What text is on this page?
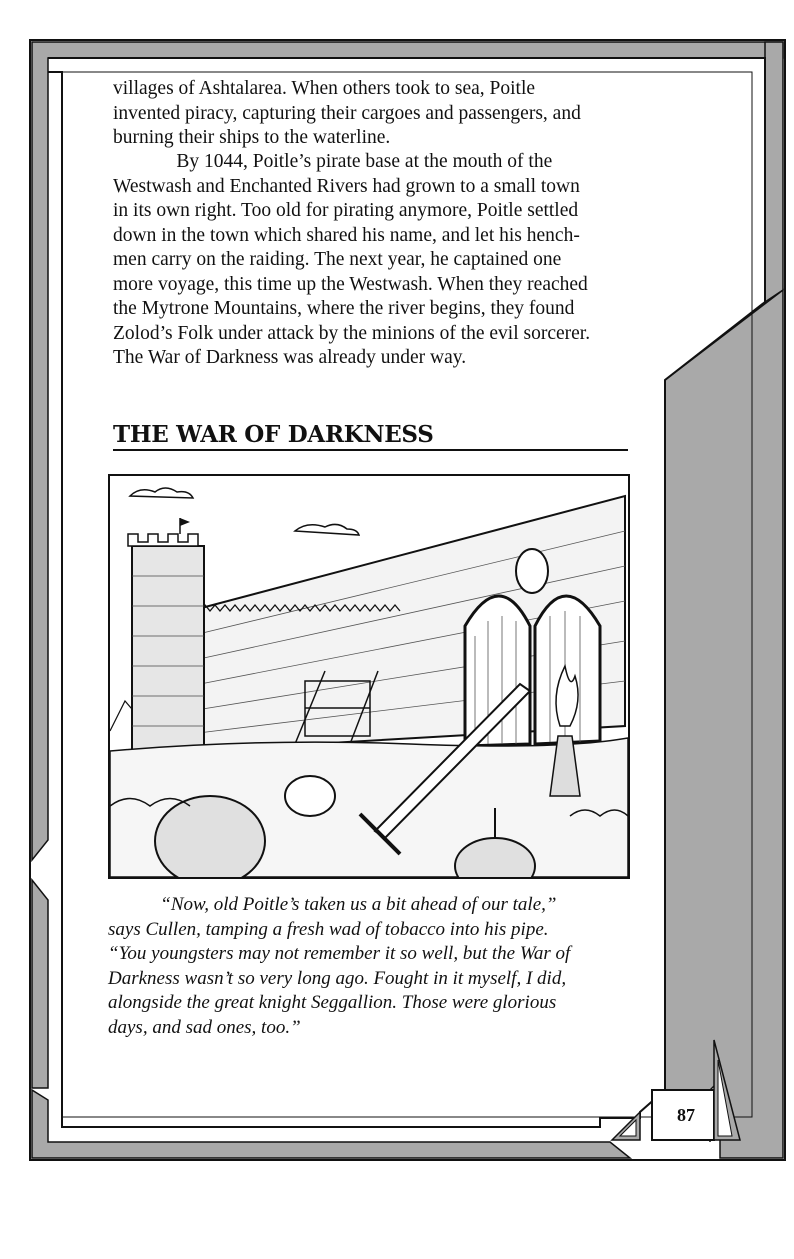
villages of Ashtalarea. When others took to sea, Poitle
invented piracy, capturing their cargoes and passengers, and
burning their ships to the waterline.

By 1044, Poitle’s pirate base at the mouth of the
Westwash and Enchanted Rivers had grown to a small town
in its own right. Too old for pirating anymore, Poitle settled
down in the town which shared his name, and let his hench-
men carry on the raiding. The next year, he captained one
more voyage, this time up the Westwash. When they reached
the Mytrone Mountains, where the river begins, they found
Zolod’s Folk under attack by the minions of the evil sorcerer.
The War of Darkness was already under way.

THE WAR OF DARKNESS

“Now, old Poitle’s taken us a bit ahead of our tale,”
says Cullen, tamping a fresh wad of tobacco into his pipe.
“You youngsters may not remember it so well, but the War of
Darkness wasn’t so very long ago. Fought in it myself, I did,
alongside the great knight Seggallion. Those were glorious
days, and sad ones, too.”

87
